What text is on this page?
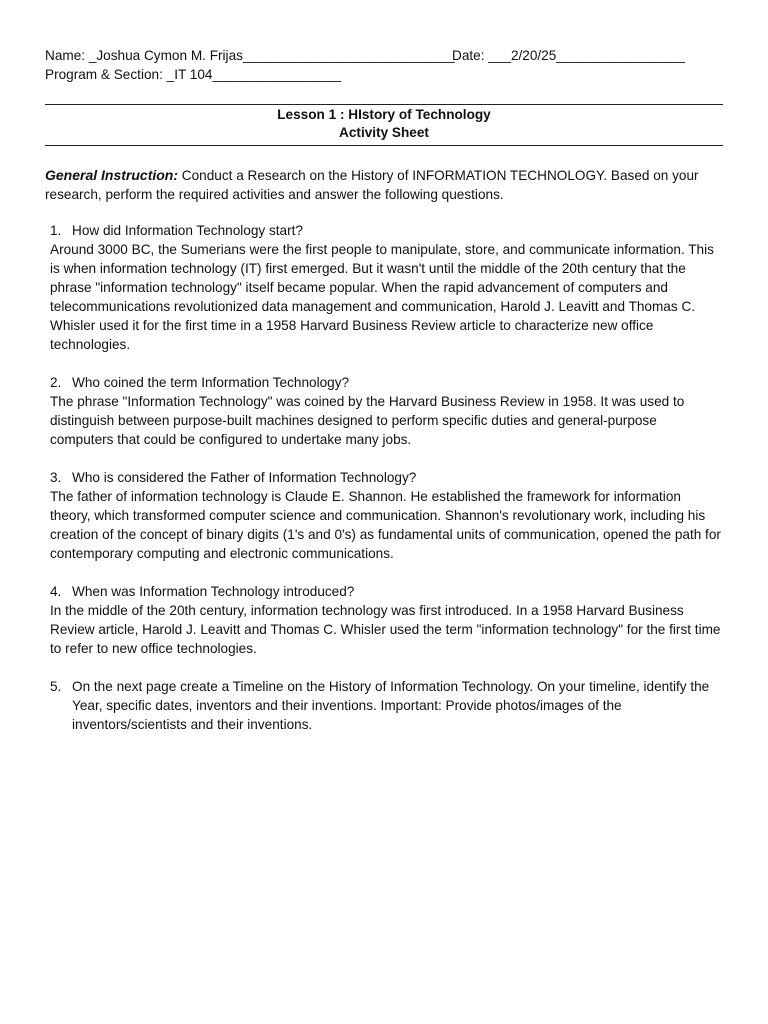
Name: _Joshua Cymon M. Frijas____________________________
Date: ___2/20/25_________________
Program & Section: _IT 104_________________
Lesson 1 : HIstory of Technology
Activity Sheet
General Instruction: Conduct a Research on the History of INFORMATION TECHNOLOGY. Based on your research, perform the required activities and answer the following questions.
1. How did Information Technology start?

Around 3000 BC, the Sumerians were the first people to manipulate, store, and communicate information. This is when information technology (IT) first emerged. But it wasn't until the middle of the 20th century that the phrase "information technology" itself became popular. When the rapid advancement of computers and telecommunications revolutionized data management and communication, Harold J. Leavitt and Thomas C. Whisler used it for the first time in a 1958 Harvard Business Review article to characterize new office technologies.

2. Who coined the term Information Technology?

The phrase "Information Technology" was coined by the Harvard Business Review in 1958. It was used to distinguish between purpose-built machines designed to perform specific duties and general-purpose computers that could be configured to undertake many jobs.

3. Who is considered the Father of Information Technology?

The father of information technology is Claude E. Shannon. He established the framework for information theory, which transformed computer science and communication. Shannon's revolutionary work, including his creation of the concept of binary digits (1's and 0's) as fundamental units of communication, opened the path for contemporary computing and electronic communications.

4. When was Information Technology introduced?

In the middle of the 20th century, information technology was first introduced. In a 1958 Harvard Business Review article, Harold J. Leavitt and Thomas C. Whisler used the term "information technology" for the first time to refer to new office technologies.

5. On the next page create a Timeline on the History of Information Technology. On your timeline, identify the Year, specific dates, inventors and their inventions. Important: Provide photos/images of the inventors/scientists and their inventions.
